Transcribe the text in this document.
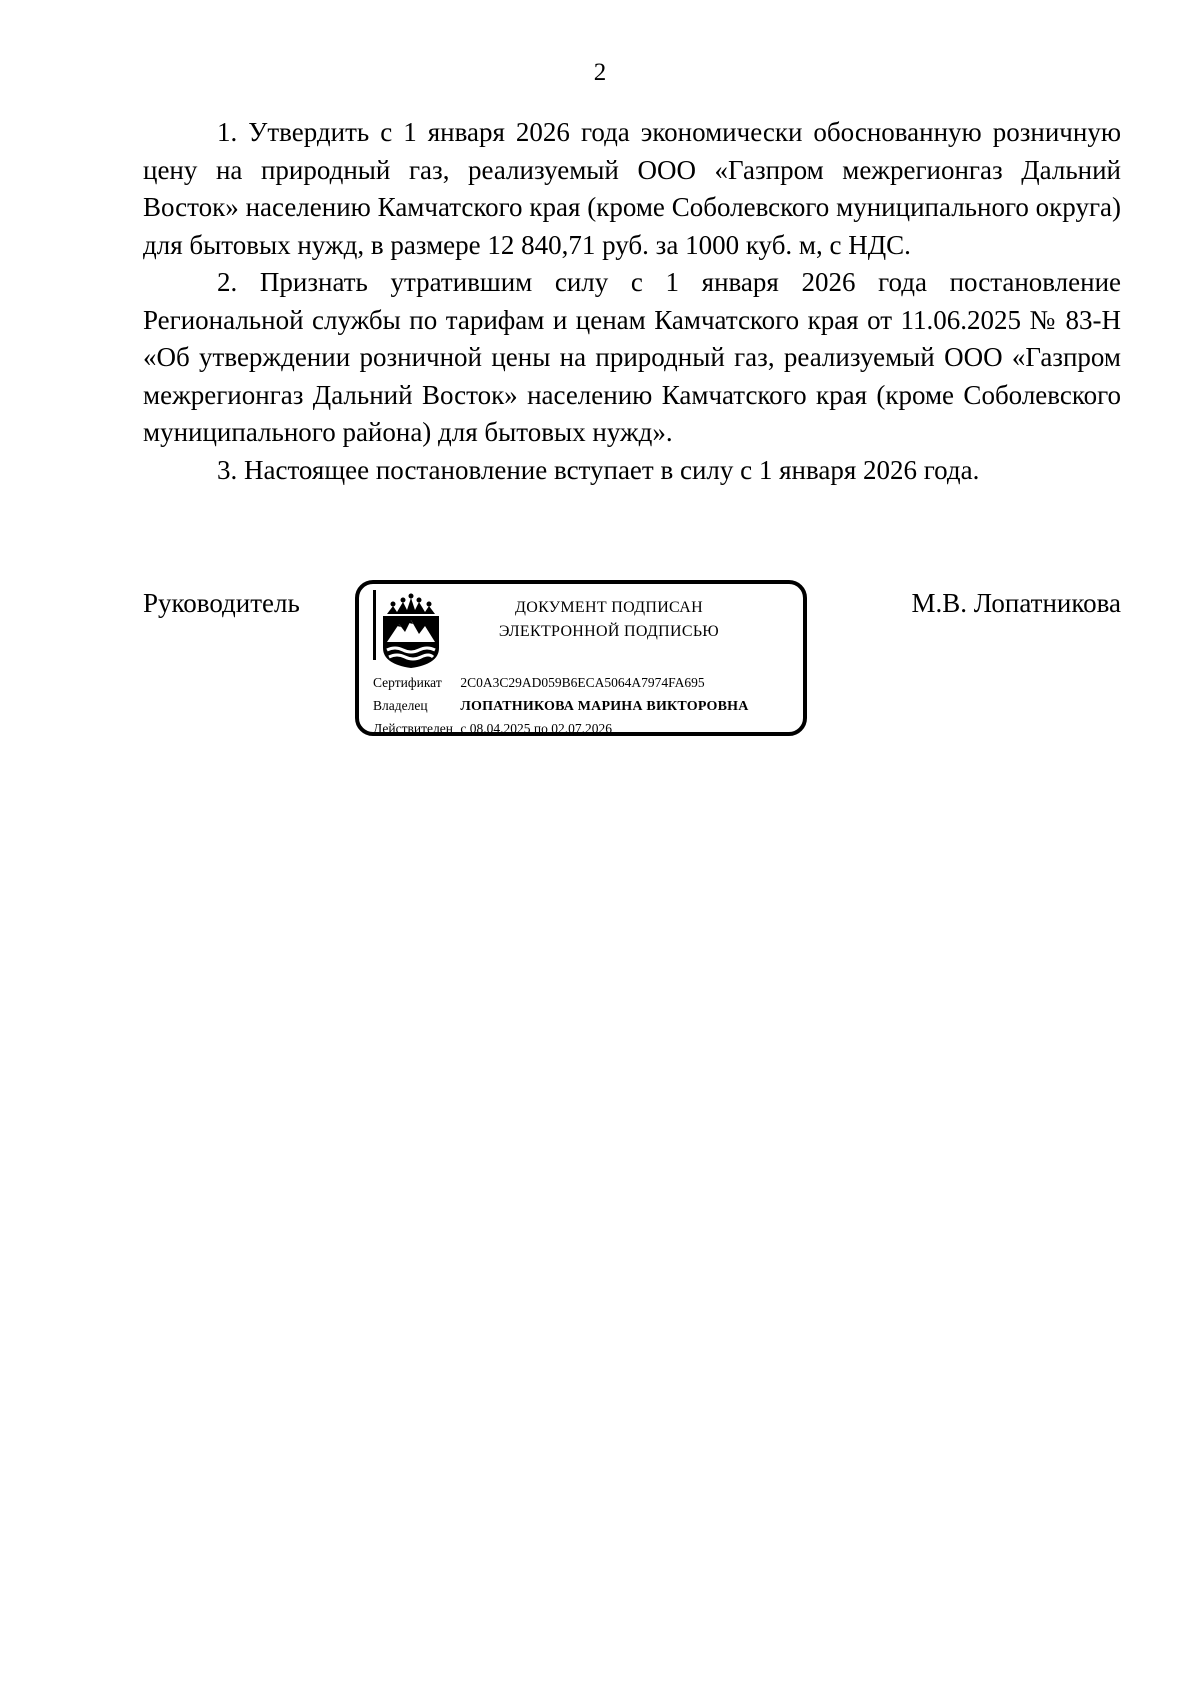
2

1. Утвердить с 1 января 2026 года экономически обоснованную розничную цену на природный газ, реализуемый ООО «Газпром межрегионгаз Дальний Восток» населению Камчатского края (кроме Соболевского муниципального округа) для бытовых нужд, в размере 12 840,71 руб. за 1000 куб. м, с НДС.

2. Признать утратившим силу с 1 января 2026 года постановление Региональной службы по тарифам и ценам Камчатского края от 11.06.2025 № 83-Н «Об утверждении розничной цены на природный газ, реализуемый ООО «Газпром межрегионгаз Дальний Восток» населению Камчатского края (кроме Соболевского муниципального района) для бытовых нужд».

3. Настоящее постановление вступает в силу с 1 января 2026 года.

Руководитель	ДОКУМЕНТ ПОДПИСАН
ЭЛЕКТРОННОЙ ПОДПИСЬЮ
Сертификат 2C0A3C29AD059B6ECA5064A7974FA695
Владелец ЛОПАТНИКОВА МАРИНА ВИКТОРОВНА
Действителен с 08.04.2025 по 02.07.2026
М.В. Лопатникова
